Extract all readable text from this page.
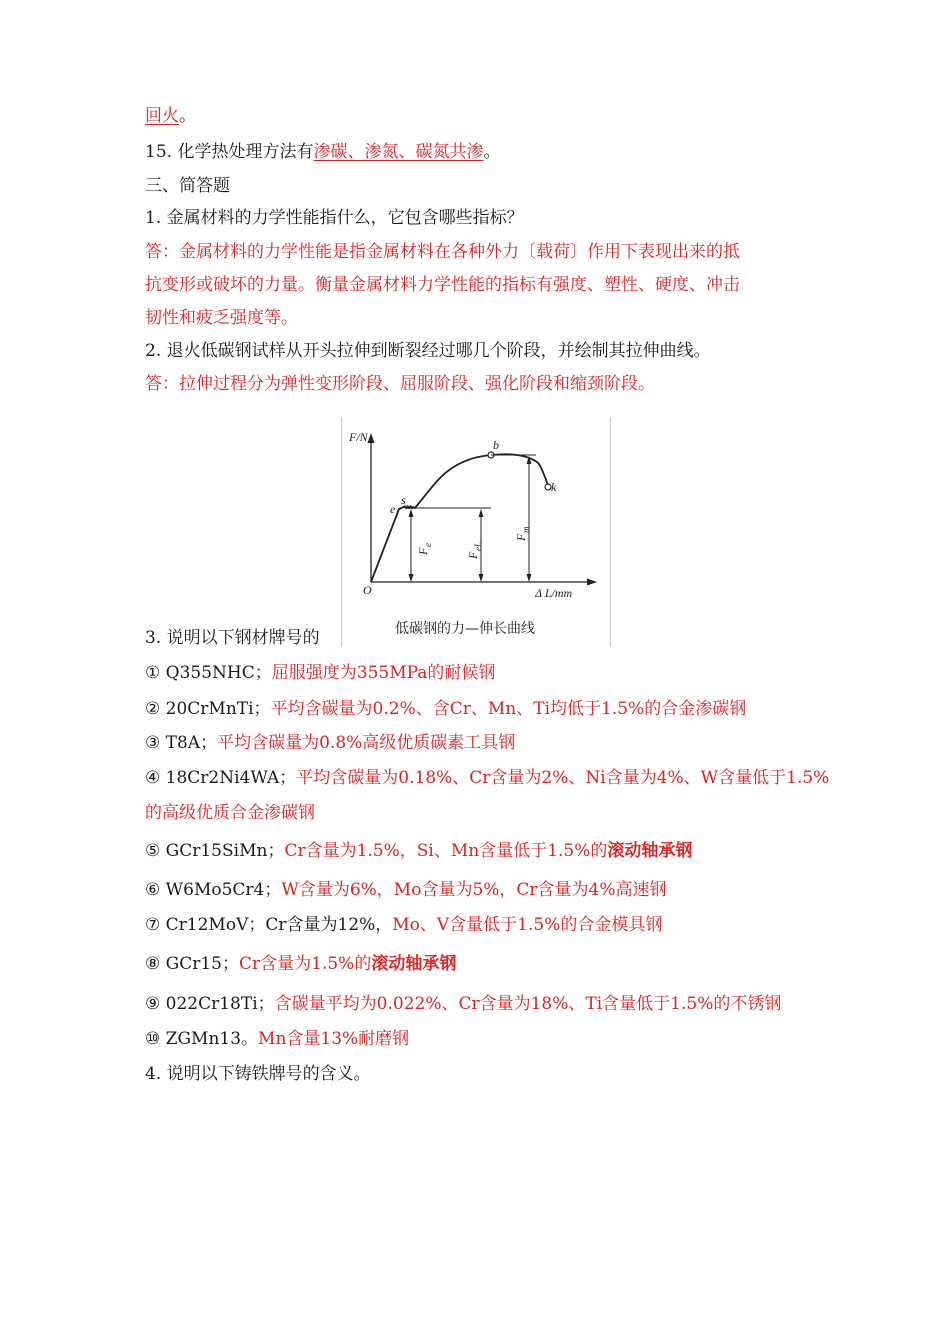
回火。
15. 化学热处理方法有渗碳、渗氮、碳氮共渗。
三、简答题
1. 金属材料的力学性能指什么，它包含哪些指标？
答：金属材料的力学性能是指金属材料在各种外力〔载荷〕作用下表现出来的抵
抗变形或破坏的力量。衡量金属材料力学性能的指标有强度、塑性、硬度、冲击
韧性和疲乏强度等。
2. 退火低碳钢试样从开头拉伸到断裂经过哪几个阶段，并绘制其拉伸曲线。
答：拉伸过程分为弹性变形阶段、屈服阶段、强化阶段和缩颈阶段。
F/N
Δ L/mm
O
e
s
b
k
F
e
F
eL
F
m
低碳钢的力—伸长曲线
3. 说明以下钢材牌号的
① Q355NHC；屈服强度为355MPa的耐候钢
② 20CrMnTi；平均含碳量为0.2%、含Cr、Mn、Ti均低于1.5%的合金渗碳钢
③ T8A；平均含碳量为0.8%高级优质碳素工具钢
④ 18Cr2Ni4WA；平均含碳量为0.18%、Cr含量为2%、Ni含量为4%、W含量低于1.5%
的高级优质合金渗碳钢
⑤ GCr15SiMn；Cr含量为1.5%，Si、Mn含量低于1.5%的滚动轴承钢
⑥ W6Mo5Cr4；W含量为6%，Mo含量为5%，Cr含量为4%高速钢
⑦ Cr12MoV；Cr含量为12%，Mo、V含量低于1.5%的合金模具钢
⑧ GCr15；Cr含量为1.5%的滚动轴承钢
⑨ 022Cr18Ti；含碳量平均为0.022%、Cr含量为18%、Ti含量低于1.5%的不锈钢
⑩ ZGMn13。Mn含量13%耐磨钢
4. 说明以下铸铁牌号的含义。
